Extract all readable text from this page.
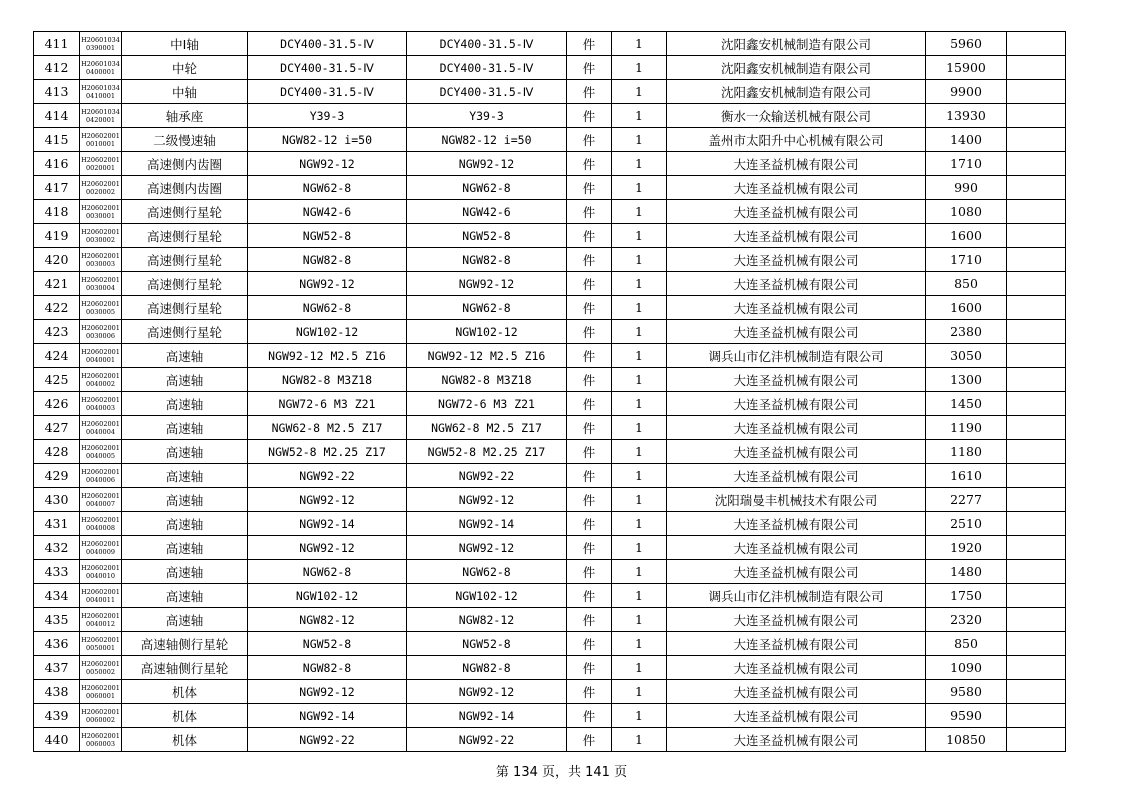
411	H206010340390001	中Ⅰ轴	DCY400-31.5-Ⅳ	DCY400-31.5-Ⅳ	件	1	沈阳鑫安机械制造有限公司	5960	
412	H206010340400001	中轮	DCY400-31.5-Ⅳ	DCY400-31.5-Ⅳ	件	1	沈阳鑫安机械制造有限公司	15900	
413	H206010340410001	中轴	DCY400-31.5-Ⅳ	DCY400-31.5-Ⅳ	件	1	沈阳鑫安机械制造有限公司	9900	
414	H206010340420001	轴承座	Y39-3	Y39-3	件	1	衡水一众输送机械有限公司	13930	
415	H206020010010001	二级慢速轴	NGW82-12 i=50	NGW82-12 i=50	件	1	盖州市太阳升中心机械有限公司	1400	
416	H206020010020001	高速侧内齿圈	NGW92-12	NGW92-12	件	1	大连圣益机械有限公司	1710	
417	H206020010020002	高速侧内齿圈	NGW62-8	NGW62-8	件	1	大连圣益机械有限公司	990	
418	H206020010030001	高速侧行星轮	NGW42-6	NGW42-6	件	1	大连圣益机械有限公司	1080	
419	H206020010030002	高速侧行星轮	NGW52-8	NGW52-8	件	1	大连圣益机械有限公司	1600	
420	H206020010030003	高速侧行星轮	NGW82-8	NGW82-8	件	1	大连圣益机械有限公司	1710	
421	H206020010030004	高速侧行星轮	NGW92-12	NGW92-12	件	1	大连圣益机械有限公司	850	
422	H206020010030005	高速侧行星轮	NGW62-8	NGW62-8	件	1	大连圣益机械有限公司	1600	
423	H206020010030006	高速侧行星轮	NGW102-12	NGW102-12	件	1	大连圣益机械有限公司	2380	
424	H206020010040001	高速轴	NGW92-12 M2.5 Z16	NGW92-12 M2.5 Z16	件	1	调兵山市亿沣机械制造有限公司	3050	
425	H206020010040002	高速轴	NGW82-8 M3Z18	NGW82-8 M3Z18	件	1	大连圣益机械有限公司	1300	
426	H206020010040003	高速轴	NGW72-6 M3 Z21	NGW72-6 M3 Z21	件	1	大连圣益机械有限公司	1450	
427	H206020010040004	高速轴	NGW62-8 M2.5 Z17	NGW62-8 M2.5 Z17	件	1	大连圣益机械有限公司	1190	
428	H206020010040005	高速轴	NGW52-8 M2.25 Z17	NGW52-8 M2.25 Z17	件	1	大连圣益机械有限公司	1180	
429	H206020010040006	高速轴	NGW92-22	NGW92-22	件	1	大连圣益机械有限公司	1610	
430	H206020010040007	高速轴	NGW92-12	NGW92-12	件	1	沈阳瑞曼丰机械技术有限公司	2277	
431	H206020010040008	高速轴	NGW92-14	NGW92-14	件	1	大连圣益机械有限公司	2510	
432	H206020010040009	高速轴	NGW92-12	NGW92-12	件	1	大连圣益机械有限公司	1920	
433	H206020010040010	高速轴	NGW62-8	NGW62-8	件	1	大连圣益机械有限公司	1480	
434	H206020010040011	高速轴	NGW102-12	NGW102-12	件	1	调兵山市亿沣机械制造有限公司	1750	
435	H206020010040012	高速轴	NGW82-12	NGW82-12	件	1	大连圣益机械有限公司	2320	
436	H206020010050001	高速轴侧行星轮	NGW52-8	NGW52-8	件	1	大连圣益机械有限公司	850	
437	H206020010050002	高速轴侧行星轮	NGW82-8	NGW82-8	件	1	大连圣益机械有限公司	1090	
438	H206020010060001	机体	NGW92-12	NGW92-12	件	1	大连圣益机械有限公司	9580	
439	H206020010060002	机体	NGW92-14	NGW92-14	件	1	大连圣益机械有限公司	9590	
440	H206020010060003	机体	NGW92-22	NGW92-22	件	1	大连圣益机械有限公司	10850	
第 134 页，共 141 页
